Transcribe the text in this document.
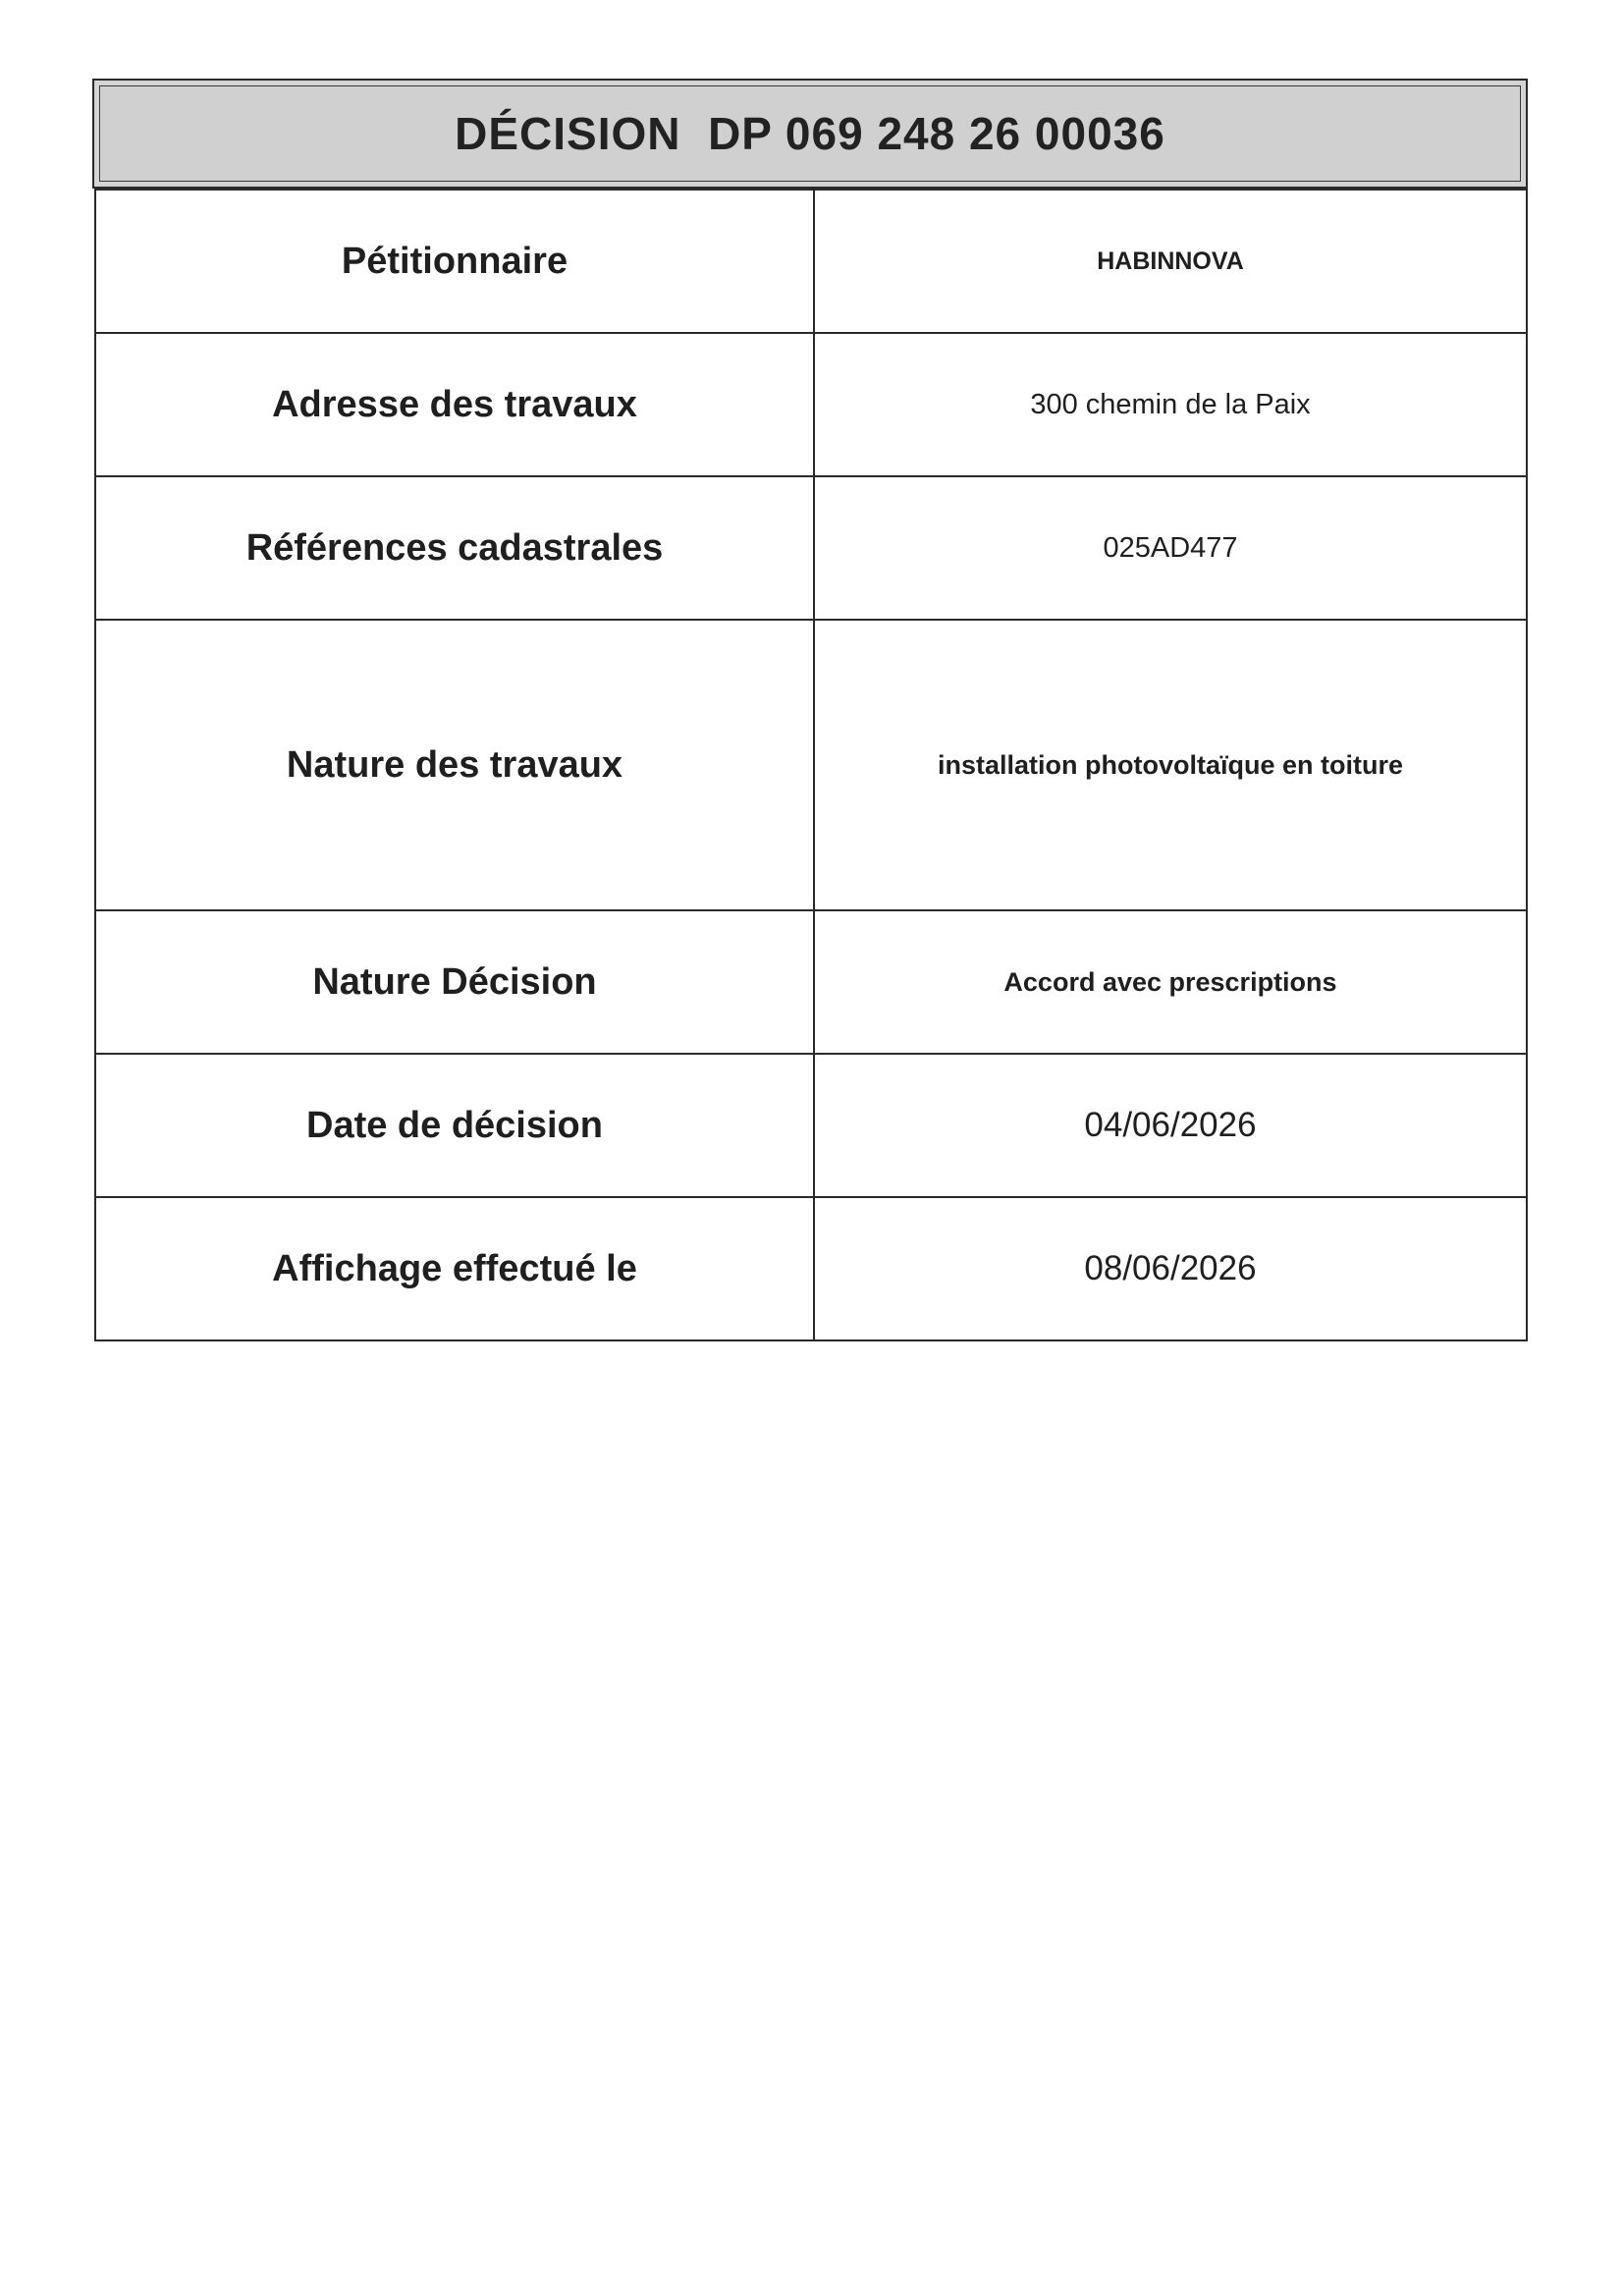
DÉCISION  DP 069 248 26 00036
Pétitionnaire	HABINNOVA
Adresse des travaux	300 chemin de la Paix
Références cadastrales	025AD477
Nature des travaux	installation photovoltaïque en toiture
Nature Décision	Accord avec prescriptions
Date de décision	04/06/2026
Affichage effectué le	08/06/2026
